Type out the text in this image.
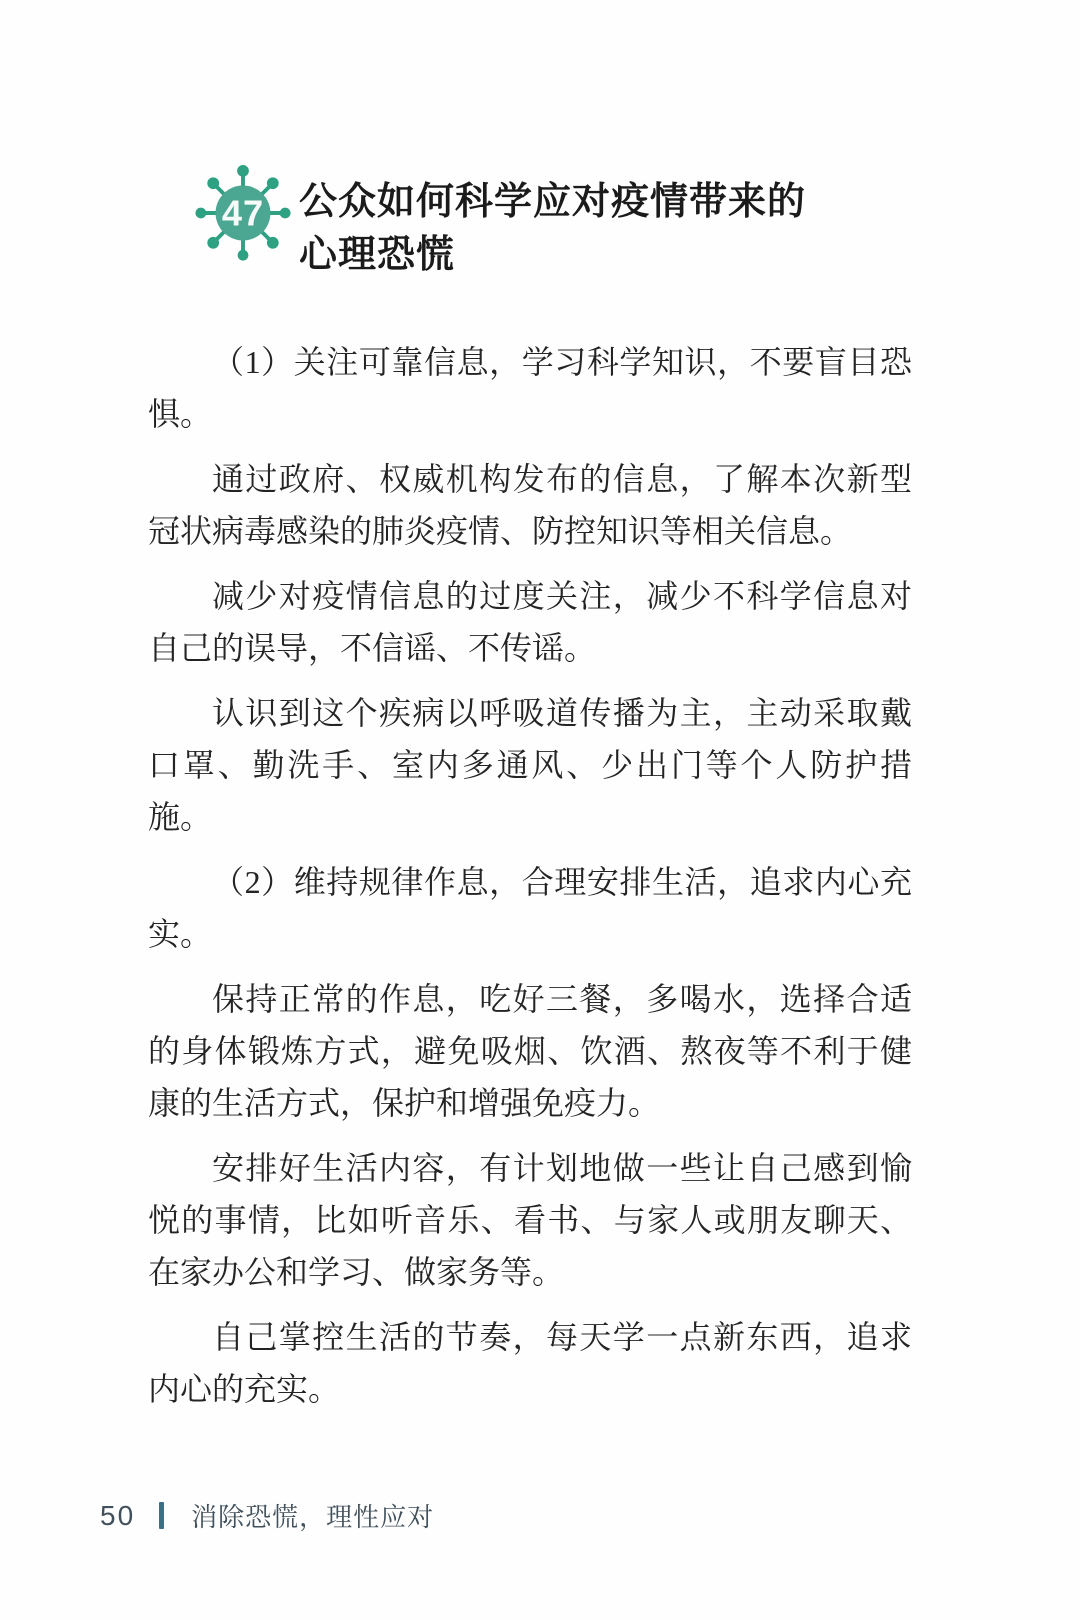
47 公众如何科学应对疫情带来的
心理恐慌

（1）关注可靠信息，学习科学知识，不要盲目恐惧。

通过政府、权威机构发布的信息，了解本次新型冠状病毒感染的肺炎疫情、防控知识等相关信息。

减少对疫情信息的过度关注，减少不科学信息对自己的误导，不信谣、不传谣。

认识到这个疾病以呼吸道传播为主，主动采取戴口罩、勤洗手、室内多通风、少出门等个人防护措施。

（2）维持规律作息，合理安排生活，追求内心充实。

保持正常的作息，吃好三餐，多喝水，选择合适的身体锻炼方式，避免吸烟、饮酒、熬夜等不利于健康的生活方式，保护和增强免疫力。

安排好生活内容，有计划地做一些让自己感到愉悦的事情，比如听音乐、看书、与家人或朋友聊天、在家办公和学习、做家务等。

自己掌控生活的节奏，每天学一点新东西，追求内心的充实。

50 消除恐慌，理性应对
